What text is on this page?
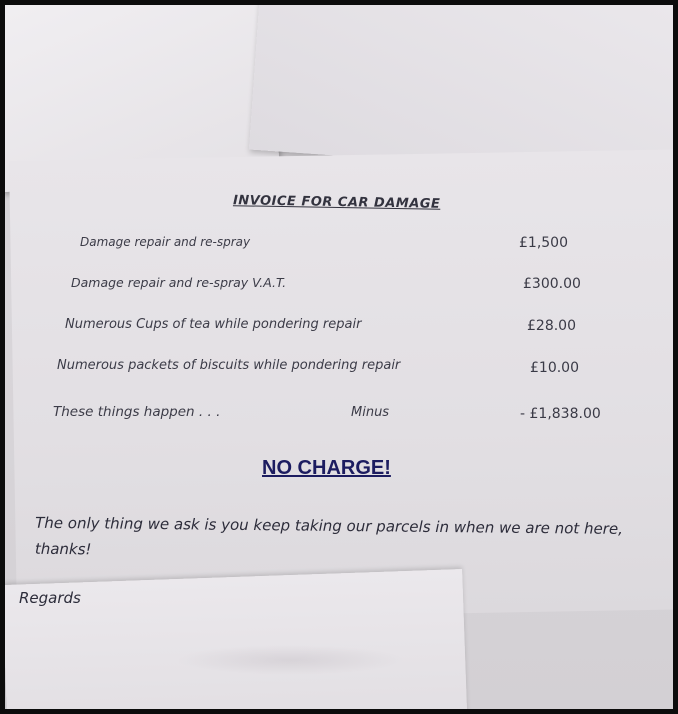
INVOICE FOR CAR DAMAGE
Damage repair and re-spray	£1,500
Damage repair and re-spray V.A.T.	£300.00
Numerous Cups of tea while pondering repair	£28.00
Numerous packets of biscuits while pondering repair	£10.00
These things happen . . .	Minus	- £1,838.00
NO CHARGE!
The only thing we ask is you keep taking our parcels in when we are not here, thanks!
Regards
